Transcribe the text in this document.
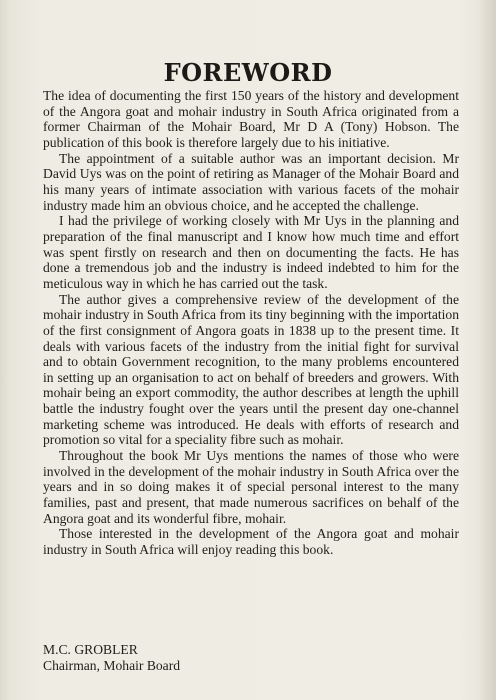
FOREWORD

The idea of documenting the first 150 years of the history and development of the Angora goat and mohair industry in South Africa originated from a former Chairman of the Mohair Board, Mr D A (Tony) Hobson. The publication of this book is therefore largely due to his initiative.

The appointment of a suitable author was an important decision. Mr David Uys was on the point of retiring as Manager of the Mohair Board and his many years of intimate association with various facets of the mohair industry made him an obvious choice, and he accepted the challenge.

I had the privilege of working closely with Mr Uys in the planning and preparation of the final manuscript and I know how much time and effort was spent firstly on research and then on documenting the facts. He has done a tremendous job and the industry is indeed indebted to him for the meticulous way in which he has carried out the task.

The author gives a comprehensive review of the development of the mohair industry in South Africa from its tiny beginning with the importation of the first consignment of Angora goats in 1838 up to the present time. It deals with various facets of the industry from the initial fight for survival and to obtain Government recognition, to the many problems encountered in setting up an organisation to act on behalf of breeders and growers. With mohair being an export commodity, the author describes at length the uphill battle the industry fought over the years until the present day one-channel marketing scheme was introduced. He deals with efforts of research and promotion so vital for a speciality fibre such as mohair.

Throughout the book Mr Uys mentions the names of those who were involved in the development of the mohair industry in South Africa over the years and in so doing makes it of special personal interest to the many families, past and present, that made numerous sacrifices on behalf of the Angora goat and its wonderful fibre, mohair.

Those interested in the development of the Angora goat and mohair industry in South Africa will enjoy reading this book.

M.C. GROBLER
Chairman, Mohair Board
